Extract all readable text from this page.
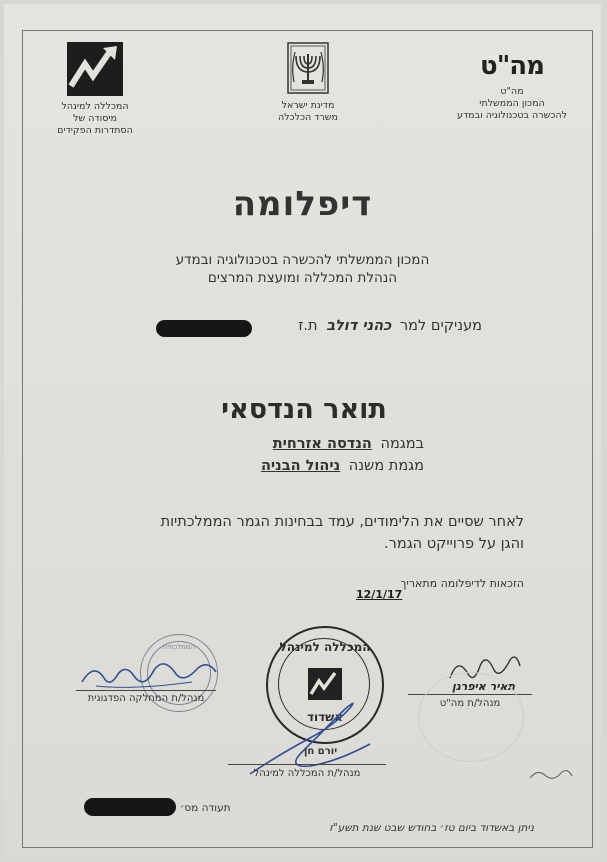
המכללה למינהל
מיסודה של
הסתדרות הפקידים
מדינת ישראל
משרד הכלכלה
מה"ט
מה"ט
המכון הממשלתי
להכשרה בטכנולוגיה ובמדע
דיפלומה
המכון הממשלתי להכשרה בטכנולוגיה ובמדע
הנהלת המכללה ומועצת המרצים
מעניקים למר כהני דולב ת.ז
תואר הנדסאי
במגמה הנדסה אזרחית
מגמת משנה ניהול הבניה
לאחר שסיים את הלימודים, עמד בבחינות הגמר הממלכתיות
והגן על פרוייקט הגמר.
הזכאות לדיפלומה מתאריך
12/1/17
הממלכתית
מנהל/ת המחלקה הפדגוגית
המכללה למינהל
אשדוד
יורם חן
מנהל/ת המכללה למינהל
תאיר איפרגן
מנהל/ת מה"ט
תעודה מס׳
ניתן באשדוד ביום טז׳ בחודש שבט שנת תשע"ז
